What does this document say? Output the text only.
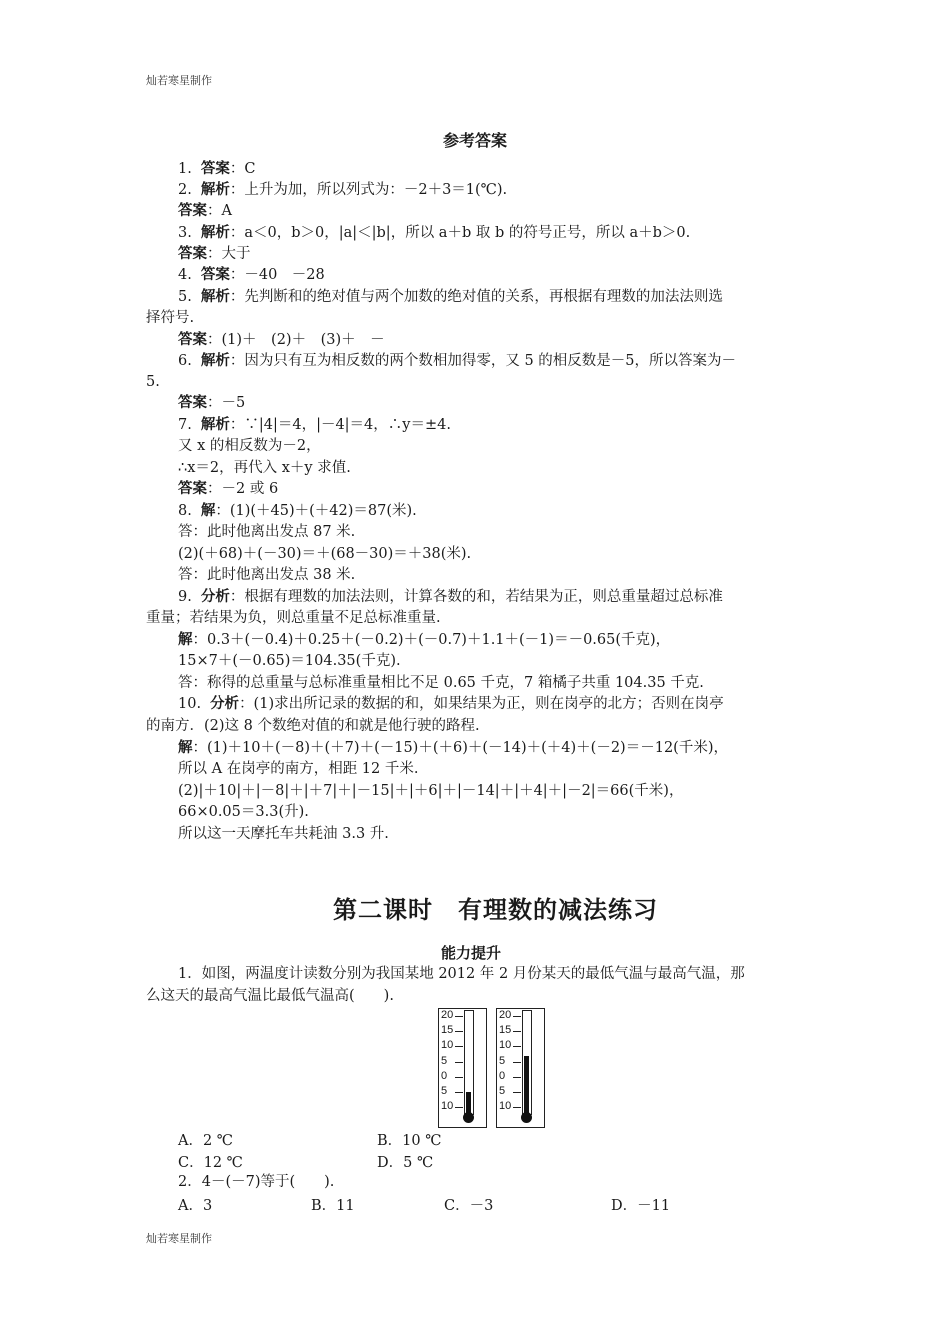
灿若寒星制作
灿若寒星制作
参考答案
1. 答案：C
2. 解析：上升为加，所以列式为：－2＋3＝1(℃).
答案：A
3. 解析：a＜0，b＞0，|a|＜|b|，所以 a＋b 取 b 的符号正号，所以 a＋b＞0.
答案：大于
4. 答案：－40　－28
5. 解析：先判断和的绝对值与两个加数的绝对值的关系，再根据有理数的加法法则选
择符号.
答案：(1)＋　(2)＋　(3)＋　－
6. 解析：因为只有互为相反数的两个数相加得零，又 5 的相反数是－5，所以答案为－
5.
答案：－5
7. 解析：∵|4|＝4，|－4|＝4，∴y＝±4.
又 x 的相反数为－2，
∴x＝2，再代入 x＋y 求值.
答案：－2 或 6
8. 解：(1)(＋45)＋(＋42)＝87(米).
答：此时他离出发点 87 米.
(2)(＋68)＋(－30)＝＋(68－30)＝＋38(米).
答：此时他离出发点 38 米.
9. 分析：根据有理数的加法法则，计算各数的和，若结果为正，则总重量超过总标准
重量；若结果为负，则总重量不足总标准重量.
解：0.3＋(－0.4)＋0.25＋(－0.2)＋(－0.7)＋1.1＋(－1)＝－0.65(千克)，
15×7＋(－0.65)＝104.35(千克).
答：称得的总重量与总标准重量相比不足 0.65 千克，7 箱橘子共重 104.35 千克.
10. 分析：(1)求出所记录的数据的和，如果结果为正，则在岗亭的北方；否则在岗亭
的南方．(2)这 8 个数绝对值的和就是他行驶的路程.
解：(1)＋10＋(－8)＋(＋7)＋(－15)＋(＋6)＋(－14)＋(＋4)＋(－2)＝－12(千米)，
所以 A 在岗亭的南方，相距 12 千米.
(2)|＋10|＋|－8|＋|＋7|＋|－15|＋|＋6|＋|－14|＋|＋4|＋|－2|＝66(千米)，
66×0.05＝3.3(升).
所以这一天摩托车共耗油 3.3 升.
第二课时　有理数的减法练习
能力提升
1．如图，两温度计读数分别为我国某地 2012 年 2 月份某天的最低气温与最高气温，那
么这天的最高气温比最低气温高(　　).
20
15
10
5
0
5
10
20
15
10
5
0
5
10
A．2 ℃	B．10 ℃
C．12 ℃	D．5 ℃
2．4－(－7)等于(　　).
A．3	B．11	C．－3	D．－11
